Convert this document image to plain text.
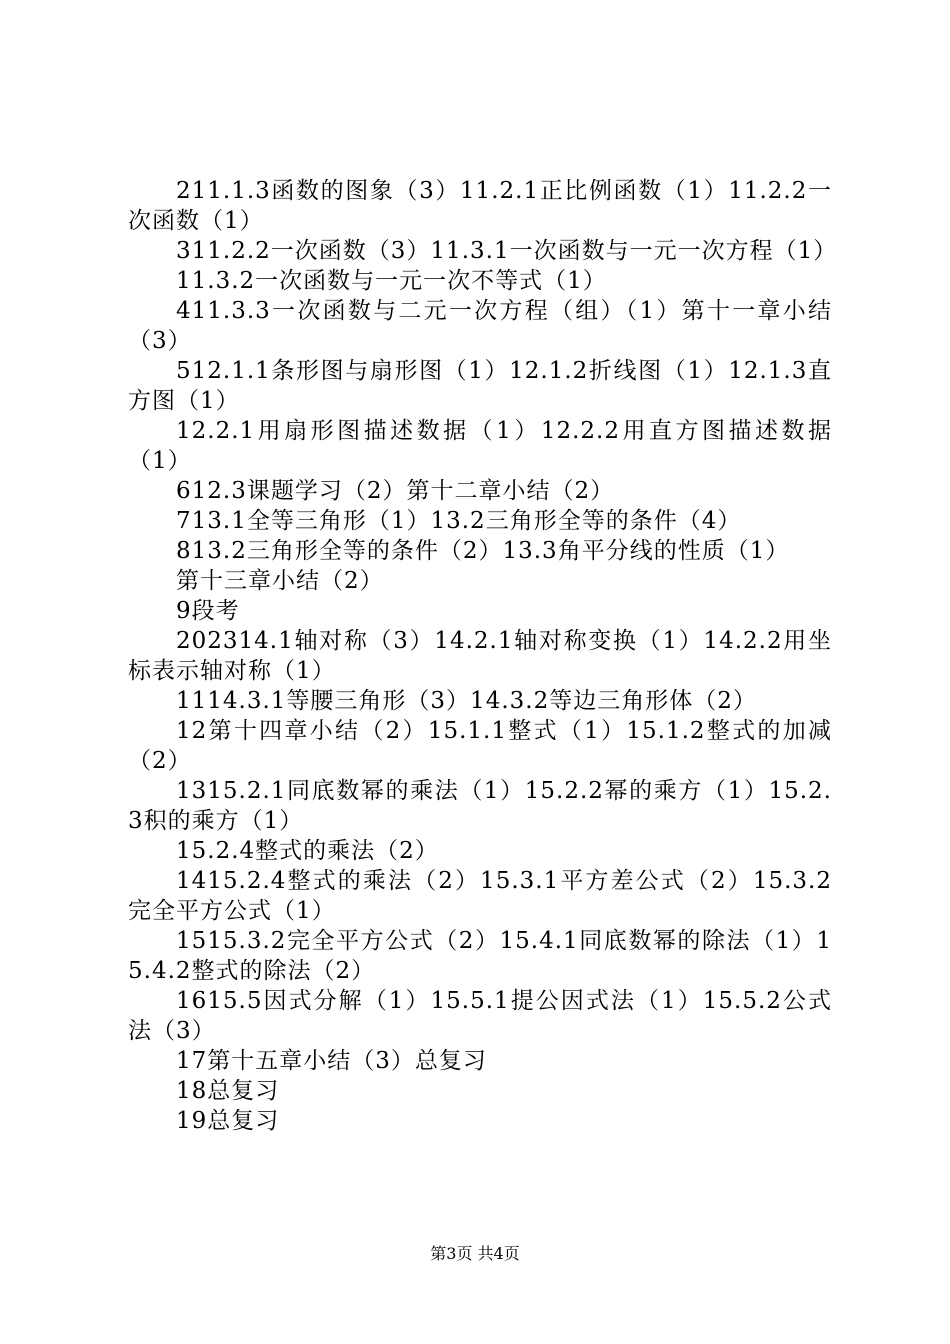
211.1.3函数的图象（3）11.2.1正比例函数（1）11.2.2一次函数（1）

311.2.2一次函数（3）11.3.1一次函数与一元一次方程（1）

11.3.2一次函数与一元一次不等式（1）

411.3.3一次函数与二元一次方程（组）（1）第十一章小结（3）

512.1.1条形图与扇形图（1）12.1.2折线图（1）12.1.3直方图（1）

12.2.1用扇形图描述数据（1）12.2.2用直方图描述数据（1）

612.3课题学习（2）第十二章小结（2）

713.1全等三角形（1）13.2三角形全等的条件（4）

813.2三角形全等的条件（2）13.3角平分线的性质（1）

第十三章小结（2）

9段考

202314.1轴对称（3）14.2.1轴对称变换（1）14.2.2用坐标表示轴对称（1）

1114.3.1等腰三角形（3）14.3.2等边三角形体（2）

12第十四章小结（2）15.1.1整式（1）15.1.2整式的加减（2）

1315.2.1同底数幂的乘法（1）15.2.2幂的乘方（1）15.2.3积的乘方（1）

15.2.4整式的乘法（2）

1415.2.4整式的乘法（2）15.3.1平方差公式（2）15.3.2完全平方公式（1）

1515.3.2完全平方公式（2）15.4.1同底数幂的除法（1）15.4.2整式的除法（2）

1615.5因式分解（1）15.5.1提公因式法（1）15.5.2公式法（3）

17第十五章小结（3）总复习

18总复习

19总复习

第3页 共4页
